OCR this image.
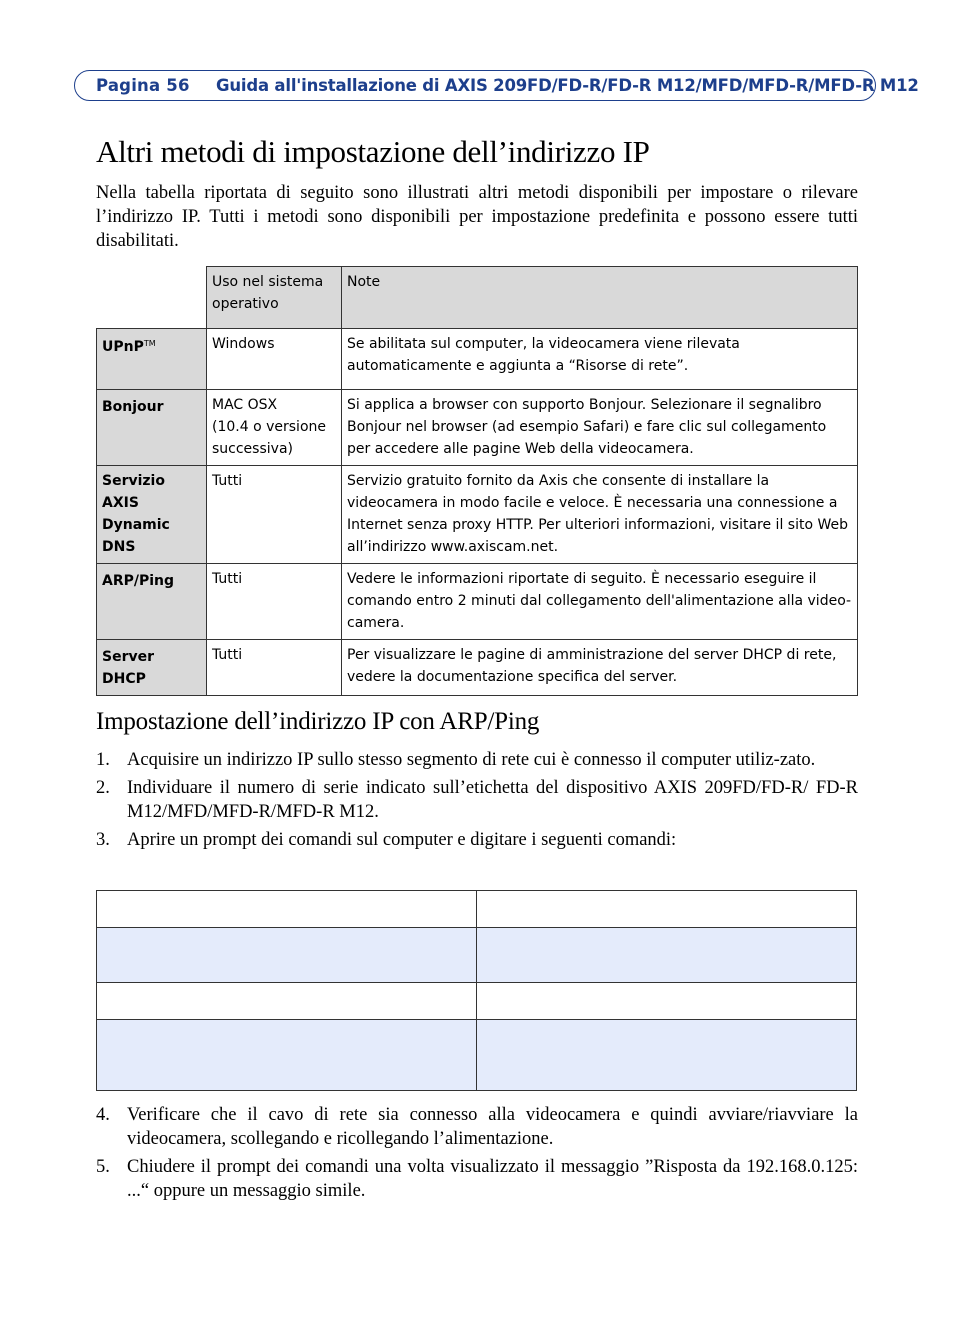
Pagina 56 Guida all'installazione di AXIS 209FD/FD-R/FD-R M12/MFD/MFD-R/MFD-R M12
Altri metodi di impostazione dell’indirizzo IP

Nella tabella riportata di seguito sono illustrati altri metodi disponibili per impostare o rilevare l’indirizzo IP. Tutti i metodi sono disponibili per impostazione predefinita e possono essere tutti disabilitati.

	Uso nel sistema operativo	Note
UPnP™	Windows	Se abilitata sul computer, la videocamera viene rilevata automaticamente e aggiunta a “Risorse di rete”.

Bonjour	MAC OSX
(10.4 o versione
successiva)	Si applica a browser con supporto Bonjour. Selezionare il segnalibro Bonjour nel browser (ad esempio Safari) e fare clic sul collegamento per accedere alle pagine Web della videocamera.

Servizio AXIS
Dynamic DNS	Tutti	Servizio gratuito fornito da Axis che consente di installare la videocamera in modo facile e veloce. È necessaria una connessione a Internet senza proxy HTTP. Per ulteriori informazioni, visitare il sito Web all’indirizzo www.axiscam.net.

ARP/Ping	Tutti	Vedere le informazioni riportate di seguito. È necessario eseguire il comando entro 2 minuti dal collegamento dell'alimentazione alla video-camera.

Server DHCP	Tutti	Per visualizzare le pagine di amministrazione del server DHCP di rete, vedere la documentazione specifica del server.
Impostazione dell’indirizzo IP con ARP/Ping
1. Acquisire un indirizzo IP sullo stesso segmento di rete cui è connesso il computer utiliz-zato.
2. Individuare il numero di serie indicato sull’etichetta del dispositivo AXIS 209FD/FD-R/ FD-R M12/MFD/MFD-R/MFD-R M12.
3. Aprire un prompt dei comandi sul computer e digitare i seguenti comandi:

4. Verificare che il cavo di rete sia connesso alla videocamera e quindi avviare/riavviare la videocamera, scollegando e ricollegando l’alimentazione.
5. Chiudere il prompt dei comandi una volta visualizzato il messaggio ”Risposta da 192.168.0.125: ...“ oppure un messaggio simile.
